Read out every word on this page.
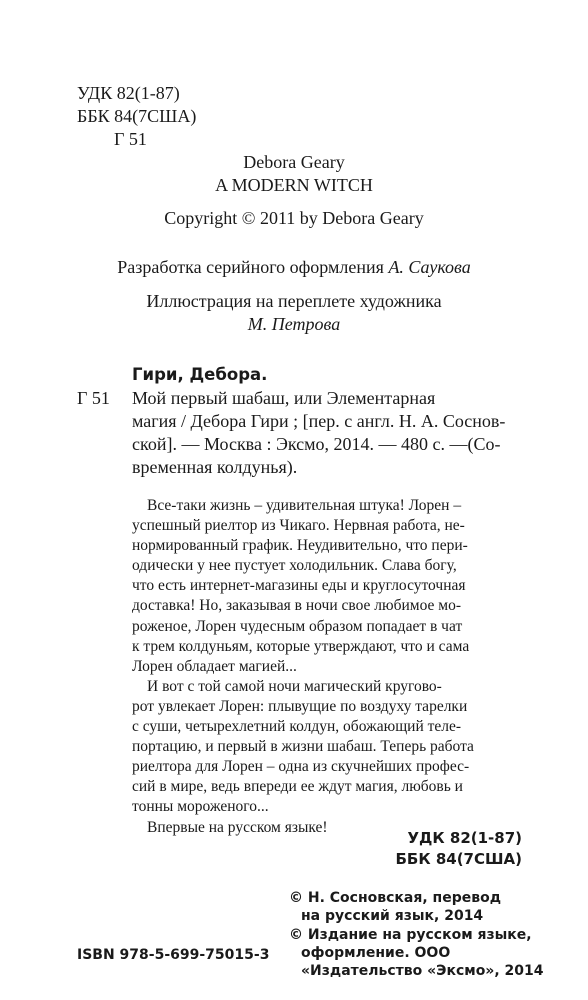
УДК 82(1-87)
ББК 84(7США)
Г 51
Debora Geary
A MODERN WITCH
Copyright © 2011 by Debora Geary
Разработка серийного оформления А. Саукова
Иллюстрация на переплете художника
М. Петрова
Гири, Дебора.
Г 51 Мой первый шабаш, или Элементарная
магия / Дебора Гири ; [пер. с англ. Н. А. Соснов-
ской]. — Москва : Эксмо, 2014. — 480 с. —(Со-
временная колдунья).
Все-таки жизнь – удивительная штука! Лорен –
успешный риелтор из Чикаго. Нервная работа, не-
нормированный график. Неудивительно, что пери-
одически у нее пустует холодильник. Слава богу,
что есть интернет-магазины еды и круглосуточная
доставка! Но, заказывая в ночи свое любимое мо-
роженое, Лорен чудесным образом попадает в чат
к трем колдуньям, которые утверждают, что и сама
Лорен обладает магией...
И вот с той самой ночи магический кругово-
рот увлекает Лорен: плывущие по воздуху тарелки
с суши, четырехлетний колдун, обожающий теле-
портацию, и первый в жизни шабаш. Теперь работа
риелтора для Лорен – одна из скучнейших профес-
сий в мире, ведь впереди ее ждут магия, любовь и
тонны мороженого...
Впервые на русском языке!
УДК 82(1-87)
ББК 84(7США)
© Н. Сосновская, перевод
на русский язык, 2014
© Издание на русском языке,
оформление. ООО
«Издательство «Эксмо», 2014
ISBN 978-5-699-75015-3
